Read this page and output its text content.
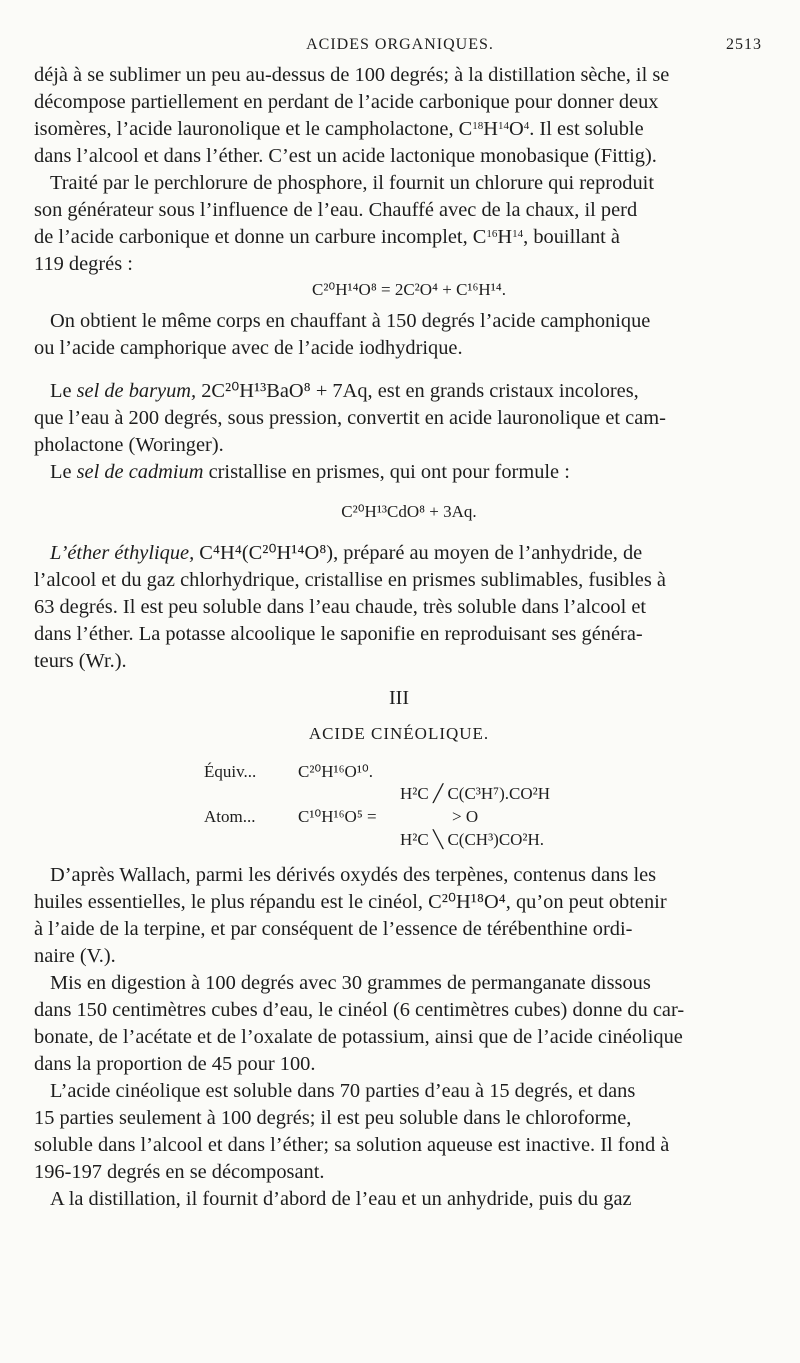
ACIDES ORGANIQUES.	2513

déjà à se sublimer un peu au-dessus de 100 degrés; à la distillation sèche, il se
décompose partiellement en perdant de l’acide carbonique pour donner deux
isomères, l’acide lauronolique et le campholactone, $C^{18}H^{14}O^4$. Il est soluble
dans l’alcool et dans l’éther. C’est un acide lactonique monobasique (Fittig).

Traité par le perchlorure de phosphore, il fournit un chlorure qui reproduit
son générateur sous l’influence de l’eau. Chauffé avec de la chaux, il perd
de l’acide carbonique et donne un carbure incomplet, $C^{16}H^{14}$, bouillant à
119 degrés :

C²⁰H¹⁴O⁸ = 2C²O⁴ + C¹⁶H¹⁴.

On obtient le même corps en chauffant à 150 degrés l’acide camphonique
ou l’acide camphorique avec de l’acide iodhydrique.

Le sel de baryum, 2C²⁰H¹³BaO⁸ + 7Aq, est en grands cristaux incolores,
que l’eau à 200 degrés, sous pression, convertit en acide lauronolique et cam-
pholactone (Woringer).

Le sel de cadmium cristallise en prismes, qui ont pour formule :

C²⁰H¹³CdO⁸ + 3Aq.

L’éther éthylique, C⁴H⁴(C²⁰H¹⁴O⁸), préparé au moyen de l’anhydride, de
l’alcool et du gaz chlorhydrique, cristallise en prismes sublimables, fusibles à
63 degrés. Il est peu soluble dans l’eau chaude, très soluble dans l’alcool et
dans l’éther. La potasse alcoolique le saponifie en reproduisant ses généra-
teurs (Wr.).

III
ACIDE CINÉOLIQUE.
Équiv... C²⁰H¹⁶O¹⁰.
H²C ╱ C(C³H⁷).CO²H
Atom...	C¹⁰H¹⁶O⁵ =	> O
H²C ╲ C(CH³)CO²H.

D’après Wallach, parmi les dérivés oxydés des terpènes, contenus dans les
huiles essentielles, le plus répandu est le cinéol, C²⁰H¹⁸O⁴, qu’on peut obtenir
à l’aide de la terpine, et par conséquent de l’essence de térébenthine ordi-
naire (V.).

Mis en digestion à 100 degrés avec 30 grammes de permanganate dissous
dans 150 centimètres cubes d’eau, le cinéol (6 centimètres cubes) donne du car-
bonate, de l’acétate et de l’oxalate de potassium, ainsi que de l’acide cinéolique
dans la proportion de 45 pour 100.

L’acide cinéolique est soluble dans 70 parties d’eau à 15 degrés, et dans
15 parties seulement à 100 degrés; il est peu soluble dans le chloroforme,
soluble dans l’alcool et dans l’éther; sa solution aqueuse est inactive. Il fond à
196-197 degrés en se décomposant.

A la distillation, il fournit d’abord de l’eau et un anhydride, puis du gaz
